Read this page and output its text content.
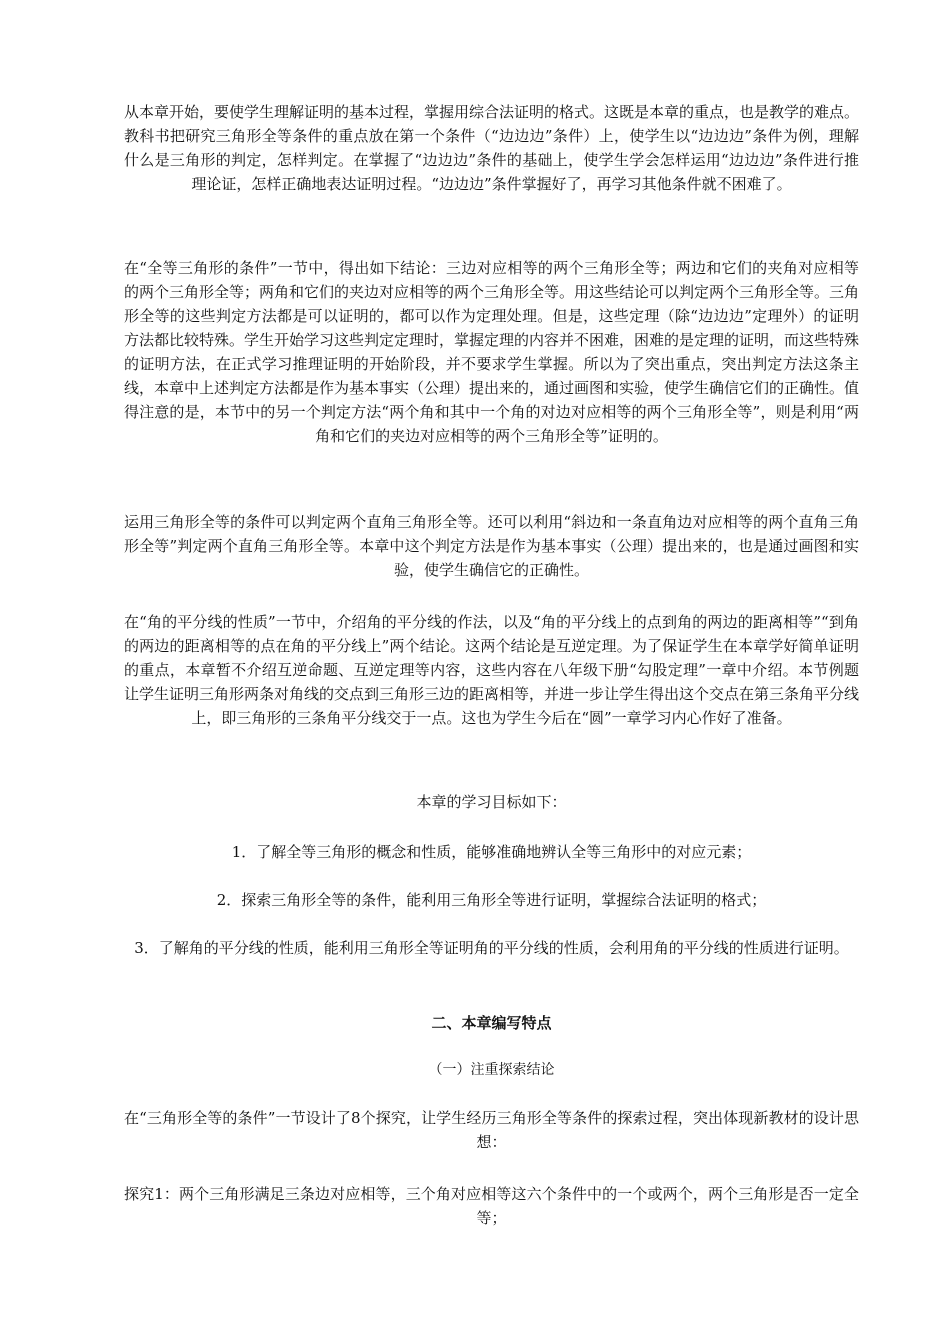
从本章开始，要使学生理解证明的基本过程，掌握用综合法证明的格式。这既是本章的重点，也是教学的难点。教科书把研究三角形全等条件的重点放在第一个条件（“边边边”条件）上，使学生以“边边边”条件为例，理解什么是三角形的判定，怎样判定。在掌握了“边边边”条件的基础上，使学生学会怎样运用“边边边”条件进行推理论证，怎样正确地表达证明过程。“边边边”条件掌握好了，再学习其他条件就不困难了。

在“全等三角形的条件”一节中，得出如下结论：三边对应相等的两个三角形全等；两边和它们的夹角对应相等的两个三角形全等；两角和它们的夹边对应相等的两个三角形全等。用这些结论可以判定两个三角形全等。三角形全等的这些判定方法都是可以证明的，都可以作为定理处理。但是，这些定理（除“边边边”定理外）的证明方法都比较特殊。学生开始学习这些判定定理时，掌握定理的内容并不困难，困难的是定理的证明，而这些特殊的证明方法，在正式学习推理证明的开始阶段，并不要求学生掌握。所以为了突出重点，突出判定方法这条主线，本章中上述判定方法都是作为基本事实（公理）提出来的，通过画图和实验，使学生确信它们的正确性。值得注意的是，本节中的另一个判定方法“两个角和其中一个角的对边对应相等的两个三角形全等”，则是利用“两角和它们的夹边对应相等的两个三角形全等”证明的。

运用三角形全等的条件可以判定两个直角三角形全等。还可以利用“斜边和一条直角边对应相等的两个直角三角形全等”判定两个直角三角形全等。本章中这个判定方法是作为基本事实（公理）提出来的，也是通过画图和实验，使学生确信它的正确性。

在“角的平分线的性质”一节中，介绍角的平分线的作法，以及“角的平分线上的点到角的两边的距离相等”“到角的两边的距离相等的点在角的平分线上”两个结论。这两个结论是互逆定理。为了保证学生在本章学好简单证明的重点，本章暂不介绍互逆命题、互逆定理等内容，这些内容在八年级下册“勾股定理”一章中介绍。本节例题让学生证明三角形两条对角线的交点到三角形三边的距离相等，并进一步让学生得出这个交点在第三条角平分线上，即三角形的三条角平分线交于一点。这也为学生今后在“圆”一章学习内心作好了准备。

本章的学习目标如下：

1．了解全等三角形的概念和性质，能够准确地辨认全等三角形中的对应元素；

2．探索三角形全等的条件，能利用三角形全等进行证明，掌握综合法证明的格式；

3．了解角的平分线的性质，能利用三角形全等证明角的平分线的性质，会利用角的平分线的性质进行证明。

二、本章编写特点

（一）注重探索结论

在“三角形全等的条件”一节设计了8个探究，让学生经历三角形全等条件的探索过程，突出体现新教材的设计思想：

探究1：两个三角形满足三条边对应相等，三个角对应相等这六个条件中的一个或两个，两个三角形是否一定全等；
